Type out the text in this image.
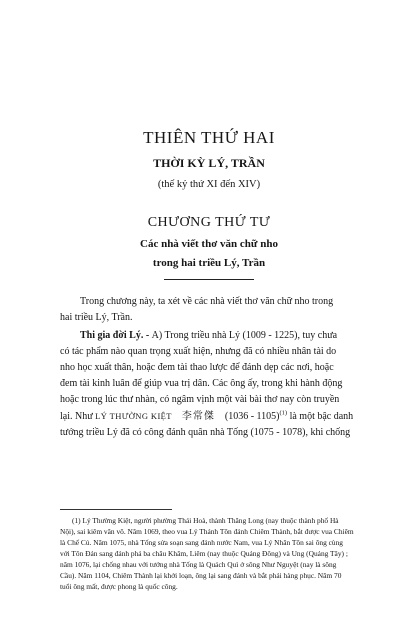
THIÊN THỨ HAI
THỜI KỲ LÝ, TRẦN
(thế kỷ thứ XI đến XIV)
CHƯƠNG THỨ TƯ
Các nhà viết thơ văn chữ nho
trong hai triều Lý, Trần
Trong chương này, ta xét về các nhà viết thơ văn chữ nho trong
hai triều Lý, Trần.
Thi gia đời Lý. - A) Trong triều nhà Lý (1009 - 1225), tuy chưa
có tác phẩm nào quan trọng xuất hiện, nhưng đã có nhiều nhân tài do
nho học xuất thân, hoặc đem tài thao lược để đánh dẹp các nơi, hoặc
đem tài kinh luân để giúp vua trị dân. Các ông ấy, trong khi hành động
hoặc trong lúc thư nhàn, có ngâm vịnh một vài bài thơ nay còn truyền
lại. Như LÝ THƯỜNG KIỆT 李常傑 (1036 - 1105)$^{(1)}$ là một bậc danh
tướng triều Lý đã có công đánh quân nhà Tống (1075 - 1078), khi chống
(1) Lý Thường Kiệt, người phường Thái Hoà, thành Thăng Long (nay thuộc thành phố Hà
Nội), sai kiêm văn võ. Năm 1069, theo vua Lý Thánh Tôn đánh Chiêm Thành, bắt được vua Chiêm
là Chế Củ. Năm 1075, nhà Tống sửa soạn sang đánh nước Nam, vua Lý Nhân Tôn sai ông cùng
với Tôn Đản sang đánh phá ba châu Khâm, Liêm (nay thuộc Quảng Đông) và Ung (Quảng Tây) ;
năm 1076, lại chống nhau với tướng nhà Tống là Quách Quì ở sông Như Nguyệt (nay là sông
Cầu). Năm 1104, Chiêm Thành lại khởi loạn, ông lại sang đánh và bắt phải hàng phục. Năm 70
tuổi ông mất, được phong là quốc công.
